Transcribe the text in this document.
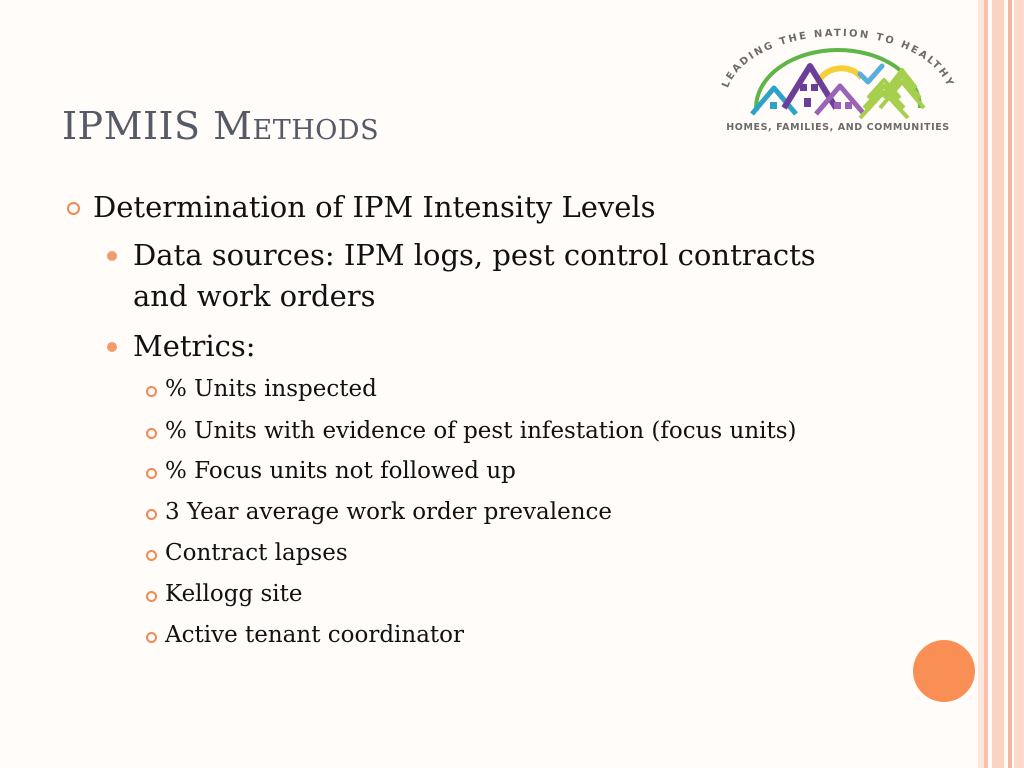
IPMIIS Methods
LEADING THE NATION TO HEALTHY
HOMES, FAMILIES, AND COMMUNITIES
Determination of IPM Intensity Levels
Data sources: IPM logs, pest control contracts
and work orders
Metrics:
% Units inspected
% Units with evidence of pest infestation (focus units)
% Focus units not followed up
3 Year average work order prevalence
Contract lapses
Kellogg site
Active tenant coordinator
